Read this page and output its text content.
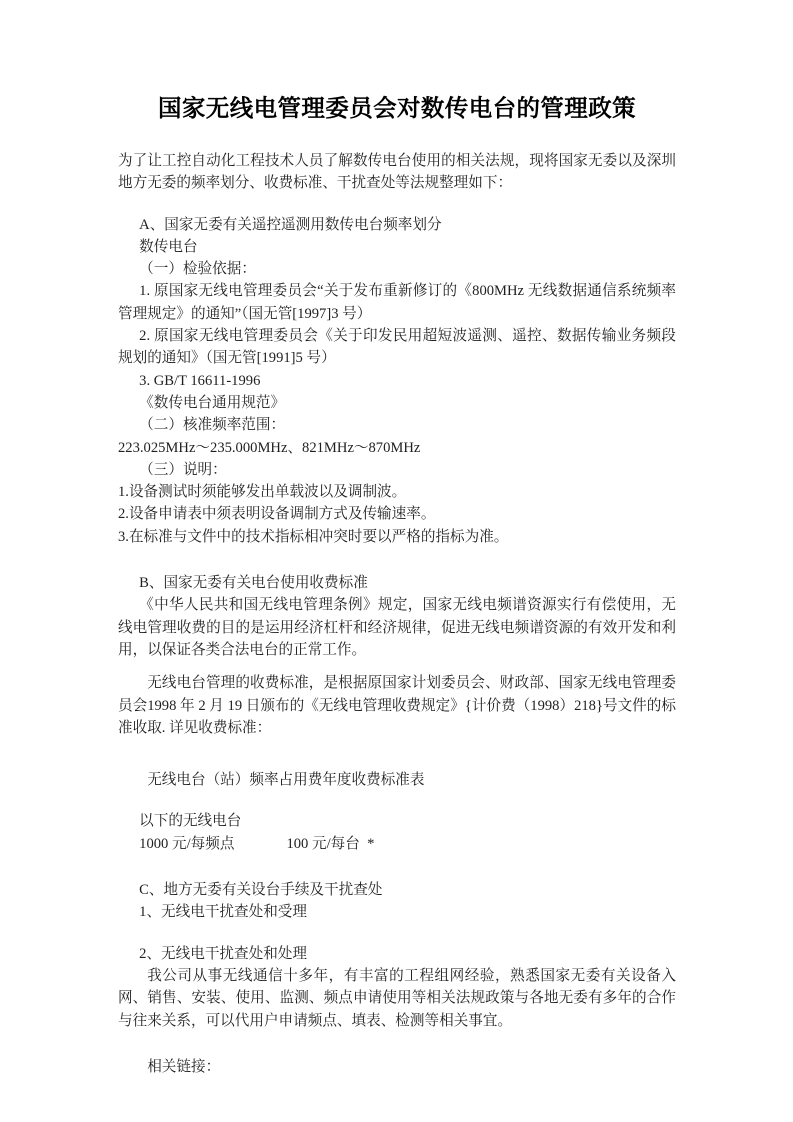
国家无线电管理委员会对数传电台的管理政策

为了让工控自动化工程技术人员了解数传电台使用的相关法规，现将国家无委以及深圳地方无委的频率划分、收费标准、干扰查处等法规整理如下：

A、国家无委有关遥控遥测用数传电台频率划分

数传电台

（一）检验依据：

1. 原国家无线电管理委员会“关于发布重新修订的《800MHz 无线数据通信系统频率管理规定》的通知”（国无管[1997]3 号）

2. 原国家无线电管理委员会《关于印发民用超短波遥测、遥控、数据传输业务频段规划的通知》（国无管[1991]5 号）

3. GB/T 16611-1996

《数传电台通用规范》

（二）核准频率范围：

223.025MHz～235.000MHz、821MHz～870MHz

（三）说明：

1.设备测试时须能够发出单载波以及调制波。

2.设备申请表中须表明设备调制方式及传输速率。

3.在标准与文件中的技术指标相冲突时要以严格的指标为准。

B、国家无委有关电台使用收费标准

《中华人民共和国无线电管理条例》规定，国家无线电频谱资源实行有偿使用，无线电管理收费的目的是运用经济杠杆和经济规律，促进无线电频谱资源的有效开发和利用，以保证各类合法电台的正常工作。

无线电台管理的收费标准，是根据原国家计划委员会、财政部、国家无线电管理委员会1998 年 2 月 19 日颁布的《无线电管理收费规定》{计价费（1998）218}号文件的标准收取. 详见收费标准：

无线电台（站）频率占用费年度收费标准表

以下的无线电台

1000 元/每频点	100 元/每台  *

C、地方无委有关设台手续及干扰查处

1、无线电干扰查处和受理

2、无线电干扰查处和处理

我公司从事无线通信十多年，有丰富的工程组网经验，熟悉国家无委有关设备入网、销售、安装、使用、监测、频点申请使用等相关法规政策与各地无委有多年的合作与往来关系，可以代用户申请频点、填表、检测等相关事宜。

相关链接：
